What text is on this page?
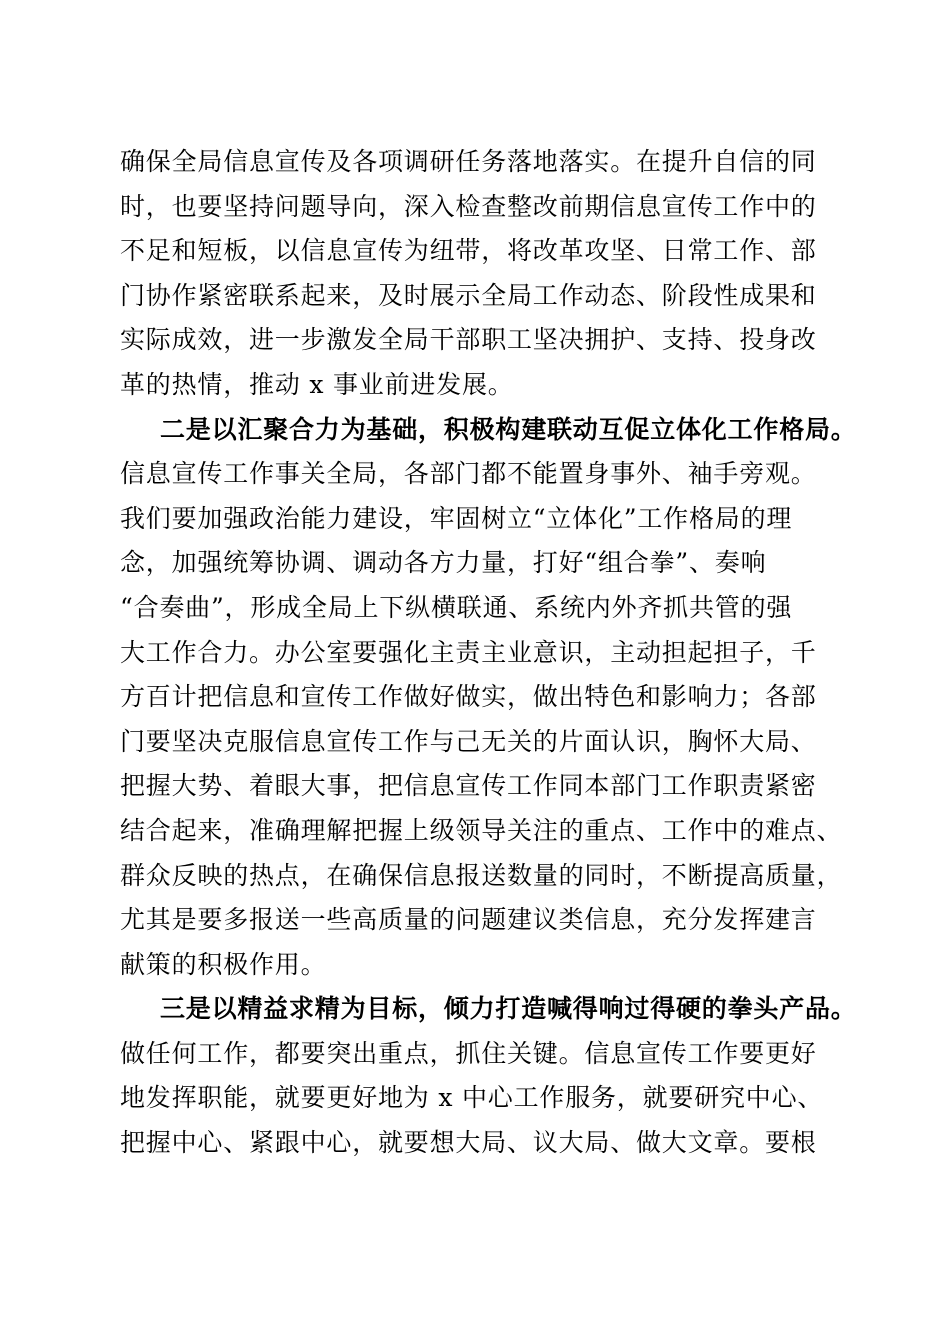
确保全局信息宣传及各项调研任务落地落实。在提升自信的同
时，也要坚持问题导向，深入检查整改前期信息宣传工作中的
不足和短板，以信息宣传为纽带，将改革攻坚、日常工作、部
门协作紧密联系起来，及时展示全局工作动态、阶段性成果和
实际成效，进一步激发全局干部职工坚决拥护、支持、投身改
革的热情，推动 x 事业前进发展。
二是以汇聚合力为基础，积极构建联动互促立体化工作格局。
信息宣传工作事关全局，各部门都不能置身事外、袖手旁观。
我们要加强政治能力建设，牢固树立“立体化”工作格局的理
念，加强统筹协调、调动各方力量，打好“组合拳”、奏响
“合奏曲”，形成全局上下纵横联通、系统内外齐抓共管的强
大工作合力。办公室要强化主责主业意识，主动担起担子，千
方百计把信息和宣传工作做好做实，做出特色和影响力；各部
门要坚决克服信息宣传工作与己无关的片面认识，胸怀大局、
把握大势、着眼大事，把信息宣传工作同本部门工作职责紧密
结合起来，准确理解把握上级领导关注的重点、工作中的难点、
群众反映的热点，在确保信息报送数量的同时，不断提高质量，
尤其是要多报送一些高质量的问题建议类信息，充分发挥建言
献策的积极作用。
三是以精益求精为目标，倾力打造喊得响过得硬的拳头产品。
做任何工作，都要突出重点，抓住关键。信息宣传工作要更好
地发挥职能，就要更好地为 x 中心工作服务，就要研究中心、
把握中心、紧跟中心，就要想大局、议大局、做大文章。要根
